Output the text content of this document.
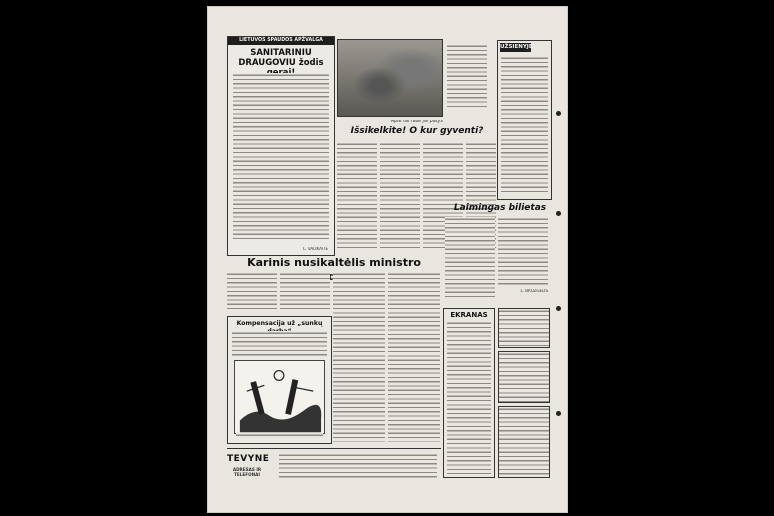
LIETUVOS SPAUDOS APŽVALGA
SANITARINIU DRAUGOVIU žodis
L. VALIKAITĖ
UŽSIENYJE
Apie tai rašė jie patys
Išsikelkite! O kur gyventi?
Laimingas bilietas
L. BRUZGELIS
Karinis nusikaltėlis ministro
Kompensacija už „sunkų
EKRANAS
TEVYNE
ADRESAS IR TELEFONAI
